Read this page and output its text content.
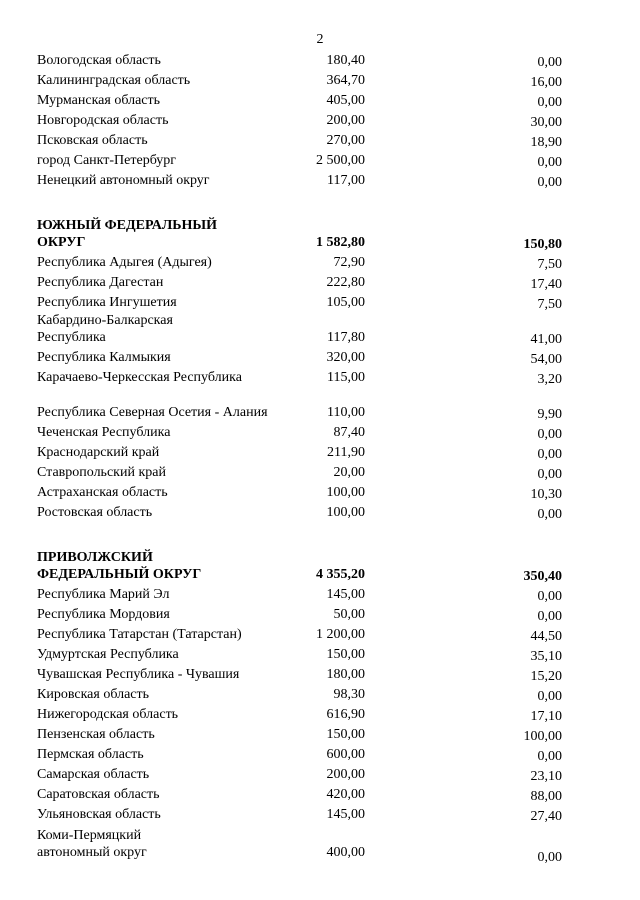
2
Вологодская область	180,40	0,00
Калининградская область	364,70	16,00
Мурманская область	405,00	0,00
Новгородская область	200,00	30,00
Псковская область	270,00	18,90
город Санкт-Петербург	2 500,00	0,00
Ненецкий автономный округ	117,00	0,00
ЮЖНЫЙ ФЕДЕРАЛЬНЫЙ ОКРУГ	1 582,80	150,80
Республика Адыгея (Адыгея)	72,90	7,50
Республика Дагестан	222,80	17,40
Республика Ингушетия	105,00	7,50
Кабардино-Балкарская Республика	117,80	41,00
Республика Калмыкия	320,00	54,00
Карачаево-Черкесская Республика	115,00	3,20
Республика Северная Осетия - Алания	110,00	9,90
Чеченская Республика	87,40	0,00
Краснодарский край	211,90	0,00
Ставропольский край	20,00	0,00
Астраханская область	100,00	10,30
Ростовская область	100,00	0,00
ПРИВОЛЖСКИЙ ФЕДЕРАЛЬНЫЙ ОКРУГ	4 355,20	350,40
Республика Марий Эл	145,00	0,00
Республика Мордовия	50,00	0,00
Республика Татарстан (Татарстан)	1 200,00	44,50
Удмуртская Республика	150,00	35,10
Чувашская Республика - Чувашия	180,00	15,20
Кировская область	98,30	0,00
Нижегородская область	616,90	17,10
Пензенская область	150,00	100,00
Пермская область	600,00	0,00
Самарская область	200,00	23,10
Саратовская область	420,00	88,00
Ульяновская область	145,00	27,40
Коми-Пермяцкий автономный округ	400,00	0,00
